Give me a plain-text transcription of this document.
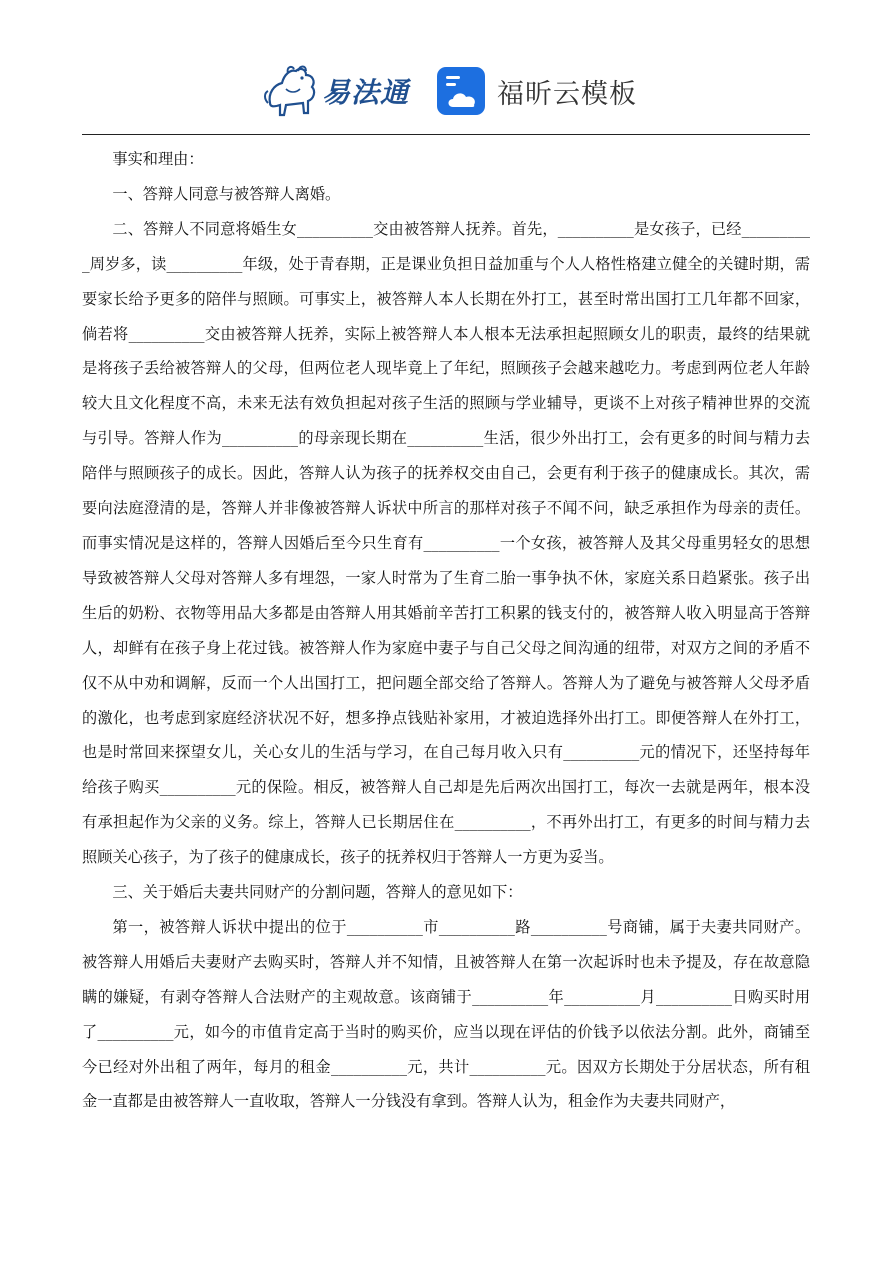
易法通	福昕云模板

事实和理由：

一、答辩人同意与被答辩人离婚。

二、答辩人不同意将婚生女__________交由被答辩人抚养。首先，__________是女孩子，已经__________周岁多，读__________年级，处于青春期，正是课业负担日益加重与个人人格性格建立健全的关键时期，需要家长给予更多的陪伴与照顾。可事实上，被答辩人本人长期在外打工，甚至时常出国打工几年都不回家，倘若将__________交由被答辩人抚养，实际上被答辩人本人根本无法承担起照顾女儿的职责，最终的结果就是将孩子丢给被答辩人的父母，但两位老人现毕竟上了年纪，照顾孩子会越来越吃力。考虑到两位老人年龄较大且文化程度不高，未来无法有效负担起对孩子生活的照顾与学业辅导，更谈不上对孩子精神世界的交流与引导。答辩人作为__________的母亲现长期在__________生活，很少外出打工，会有更多的时间与精力去陪伴与照顾孩子的成长。因此，答辩人认为孩子的抚养权交由自己，会更有利于孩子的健康成长。其次，需要向法庭澄清的是，答辩人并非像被答辩人诉状中所言的那样对孩子不闻不问，缺乏承担作为母亲的责任。而事实情况是这样的，答辩人因婚后至今只生育有__________一个女孩，被答辩人及其父母重男轻女的思想导致被答辩人父母对答辩人多有埋怨，一家人时常为了生育二胎一事争执不休，家庭关系日趋紧张。孩子出生后的奶粉、衣物等用品大多都是由答辩人用其婚前辛苦打工积累的钱支付的，被答辩人收入明显高于答辩人，却鲜有在孩子身上花过钱。被答辩人作为家庭中妻子与自己父母之间沟通的纽带，对双方之间的矛盾不仅不从中劝和调解，反而一个人出国打工，把问题全部交给了答辩人。答辩人为了避免与被答辩人父母矛盾的激化，也考虑到家庭经济状况不好，想多挣点钱贴补家用，才被迫选择外出打工。即便答辩人在外打工，也是时常回来探望女儿，关心女儿的生活与学习，在自己每月收入只有__________元的情况下，还坚持每年给孩子购买__________元的保险。相反，被答辩人自己却是先后两次出国打工，每次一去就是两年，根本没有承担起作为父亲的义务。综上，答辩人已长期居住在__________，不再外出打工，有更多的时间与精力去照顾关心孩子，为了孩子的健康成长，孩子的抚养权归于答辩人一方更为妥当。

三、关于婚后夫妻共同财产的分割问题，答辩人的意见如下：

第一，被答辩人诉状中提出的位于__________市__________路__________号商铺，属于夫妻共同财产。被答辩人用婚后夫妻财产去购买时，答辩人并不知情，且被答辩人在第一次起诉时也未予提及，存在故意隐瞒的嫌疑，有剥夺答辩人合法财产的主观故意。该商铺于__________年__________月__________日购买时用了__________元，如今的市值肯定高于当时的购买价，应当以现在评估的价钱予以依法分割。此外，商铺至今已经对外出租了两年，每月的租金__________元，共计__________元。因双方长期处于分居状态，所有租金一直都是由被答辩人一直收取，答辩人一分钱没有拿到。答辩人认为，租金作为夫妻共同财产，
